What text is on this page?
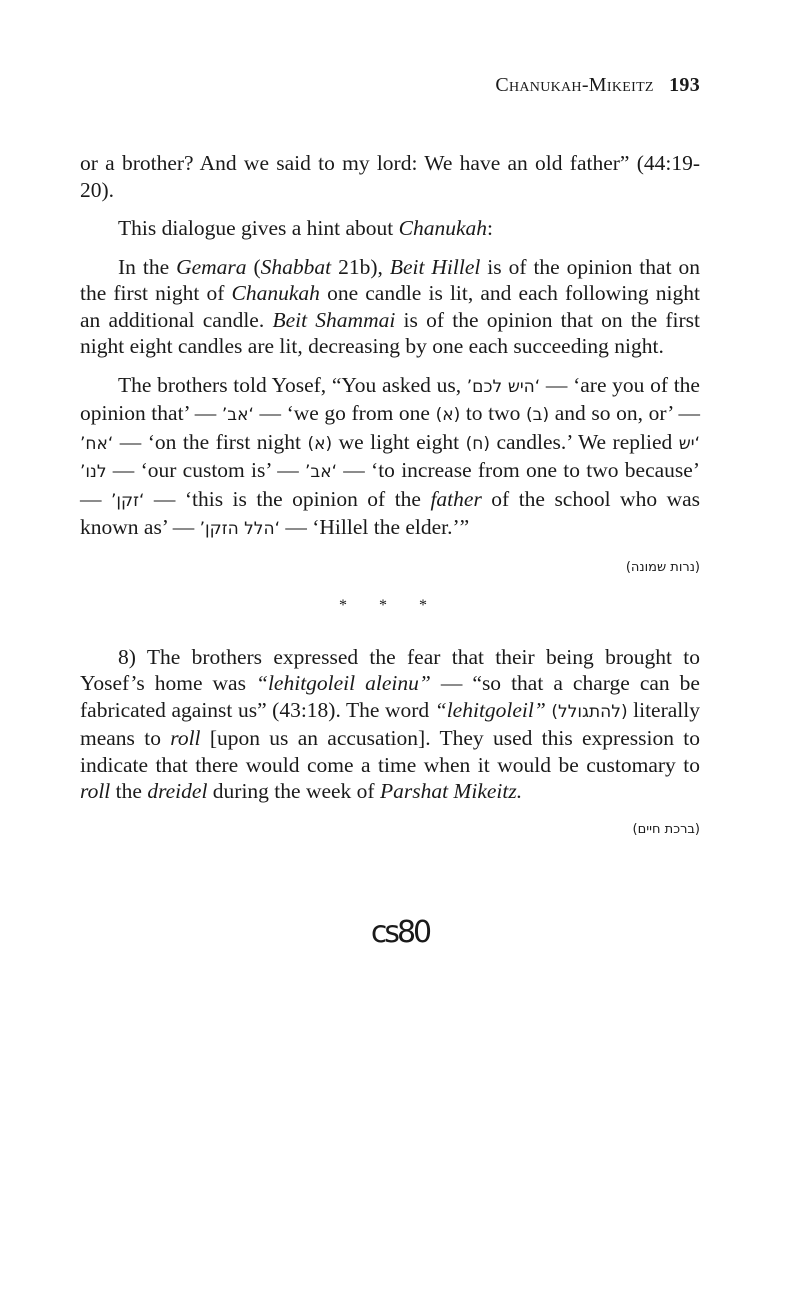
Chanukah-Mikeitz 193

or a brother? And we said to my lord: We have an old father” (44:19-20).

This dialogue gives a hint about Chanukah:

In the Gemara (Shabbat 21b), Beit Hillel is of the opinion that on the first night of Chanukah one candle is lit, and each following night an additional candle. Beit Shammai is of the opinion that on the first night eight candles are lit, decreasing by one each succeeding night.

The brothers told Yosef, “You asked us, ‘היש לכם’ — ‘are you of the opinion that’ — ‘אב’ — ‘we go from one (א) to two (ב) and so on, or’ — ‘אח’ — ‘on the first night (א) we light eight (ח) candles.’ We replied ‘יש לנו’ — ‘our custom is’ — ‘אב’ — ‘to increase from one to two because’ — ‘זקן’ — ‘this is the opinion of the father of the school who was known as’ — ‘הלל הזקן’ — ‘Hillel the elder.’”

(נרות שמונה)

* * *

8) The brothers expressed the fear that their being brought to Yosef’s home was “lehitgoleil aleinu” — “so that a charge can be fabricated against us” (43:18). The word “lehitgoleil” (להתגולל) literally means to roll [upon us an accusation]. They used this expression to indicate that there would come a time when it would be customary to roll the dreidel during the week of Parshat Mikeitz.

(ברכת חיים)

cs80
